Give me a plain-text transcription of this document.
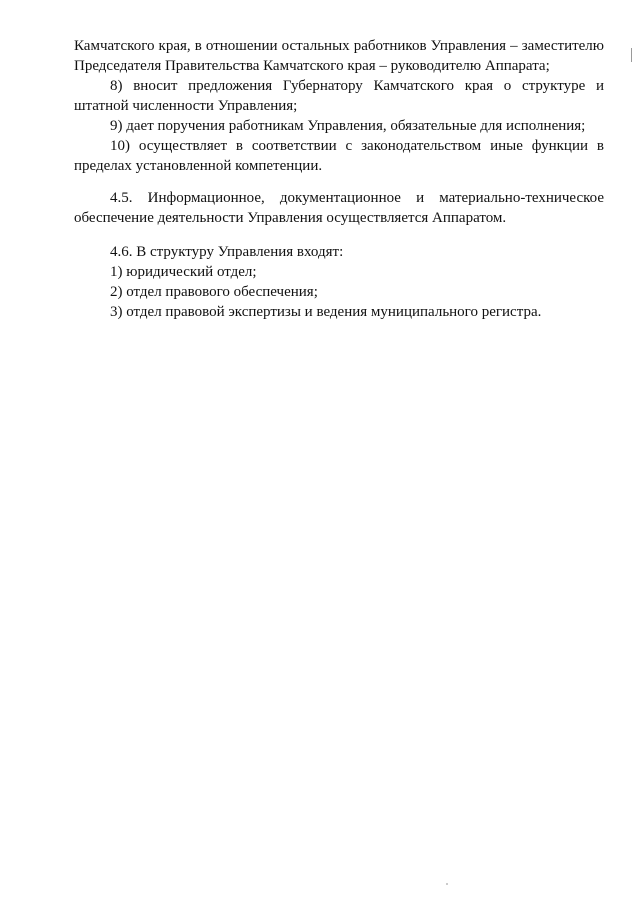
Камчатского края, в отношении остальных работников Управления – заместителю Председателя Правительства Камчатского края – руководителю Аппарата;

8) вносит предложения Губернатору Камчатского края о структуре и штатной численности Управления;

9) дает поручения работникам Управления, обязательные для исполнения;

10) осуществляет в соответствии с законодательством иные функции в пределах установленной компетенции.

4.5. Информационное, документационное и материально-техническое обеспечение деятельности Управления осуществляется Аппаратом.

4.6. В структуру Управления входят:

1) юридический отдел;

2) отдел правового обеспечения;

3) отдел правовой экспертизы и ведения муниципального регистра.
